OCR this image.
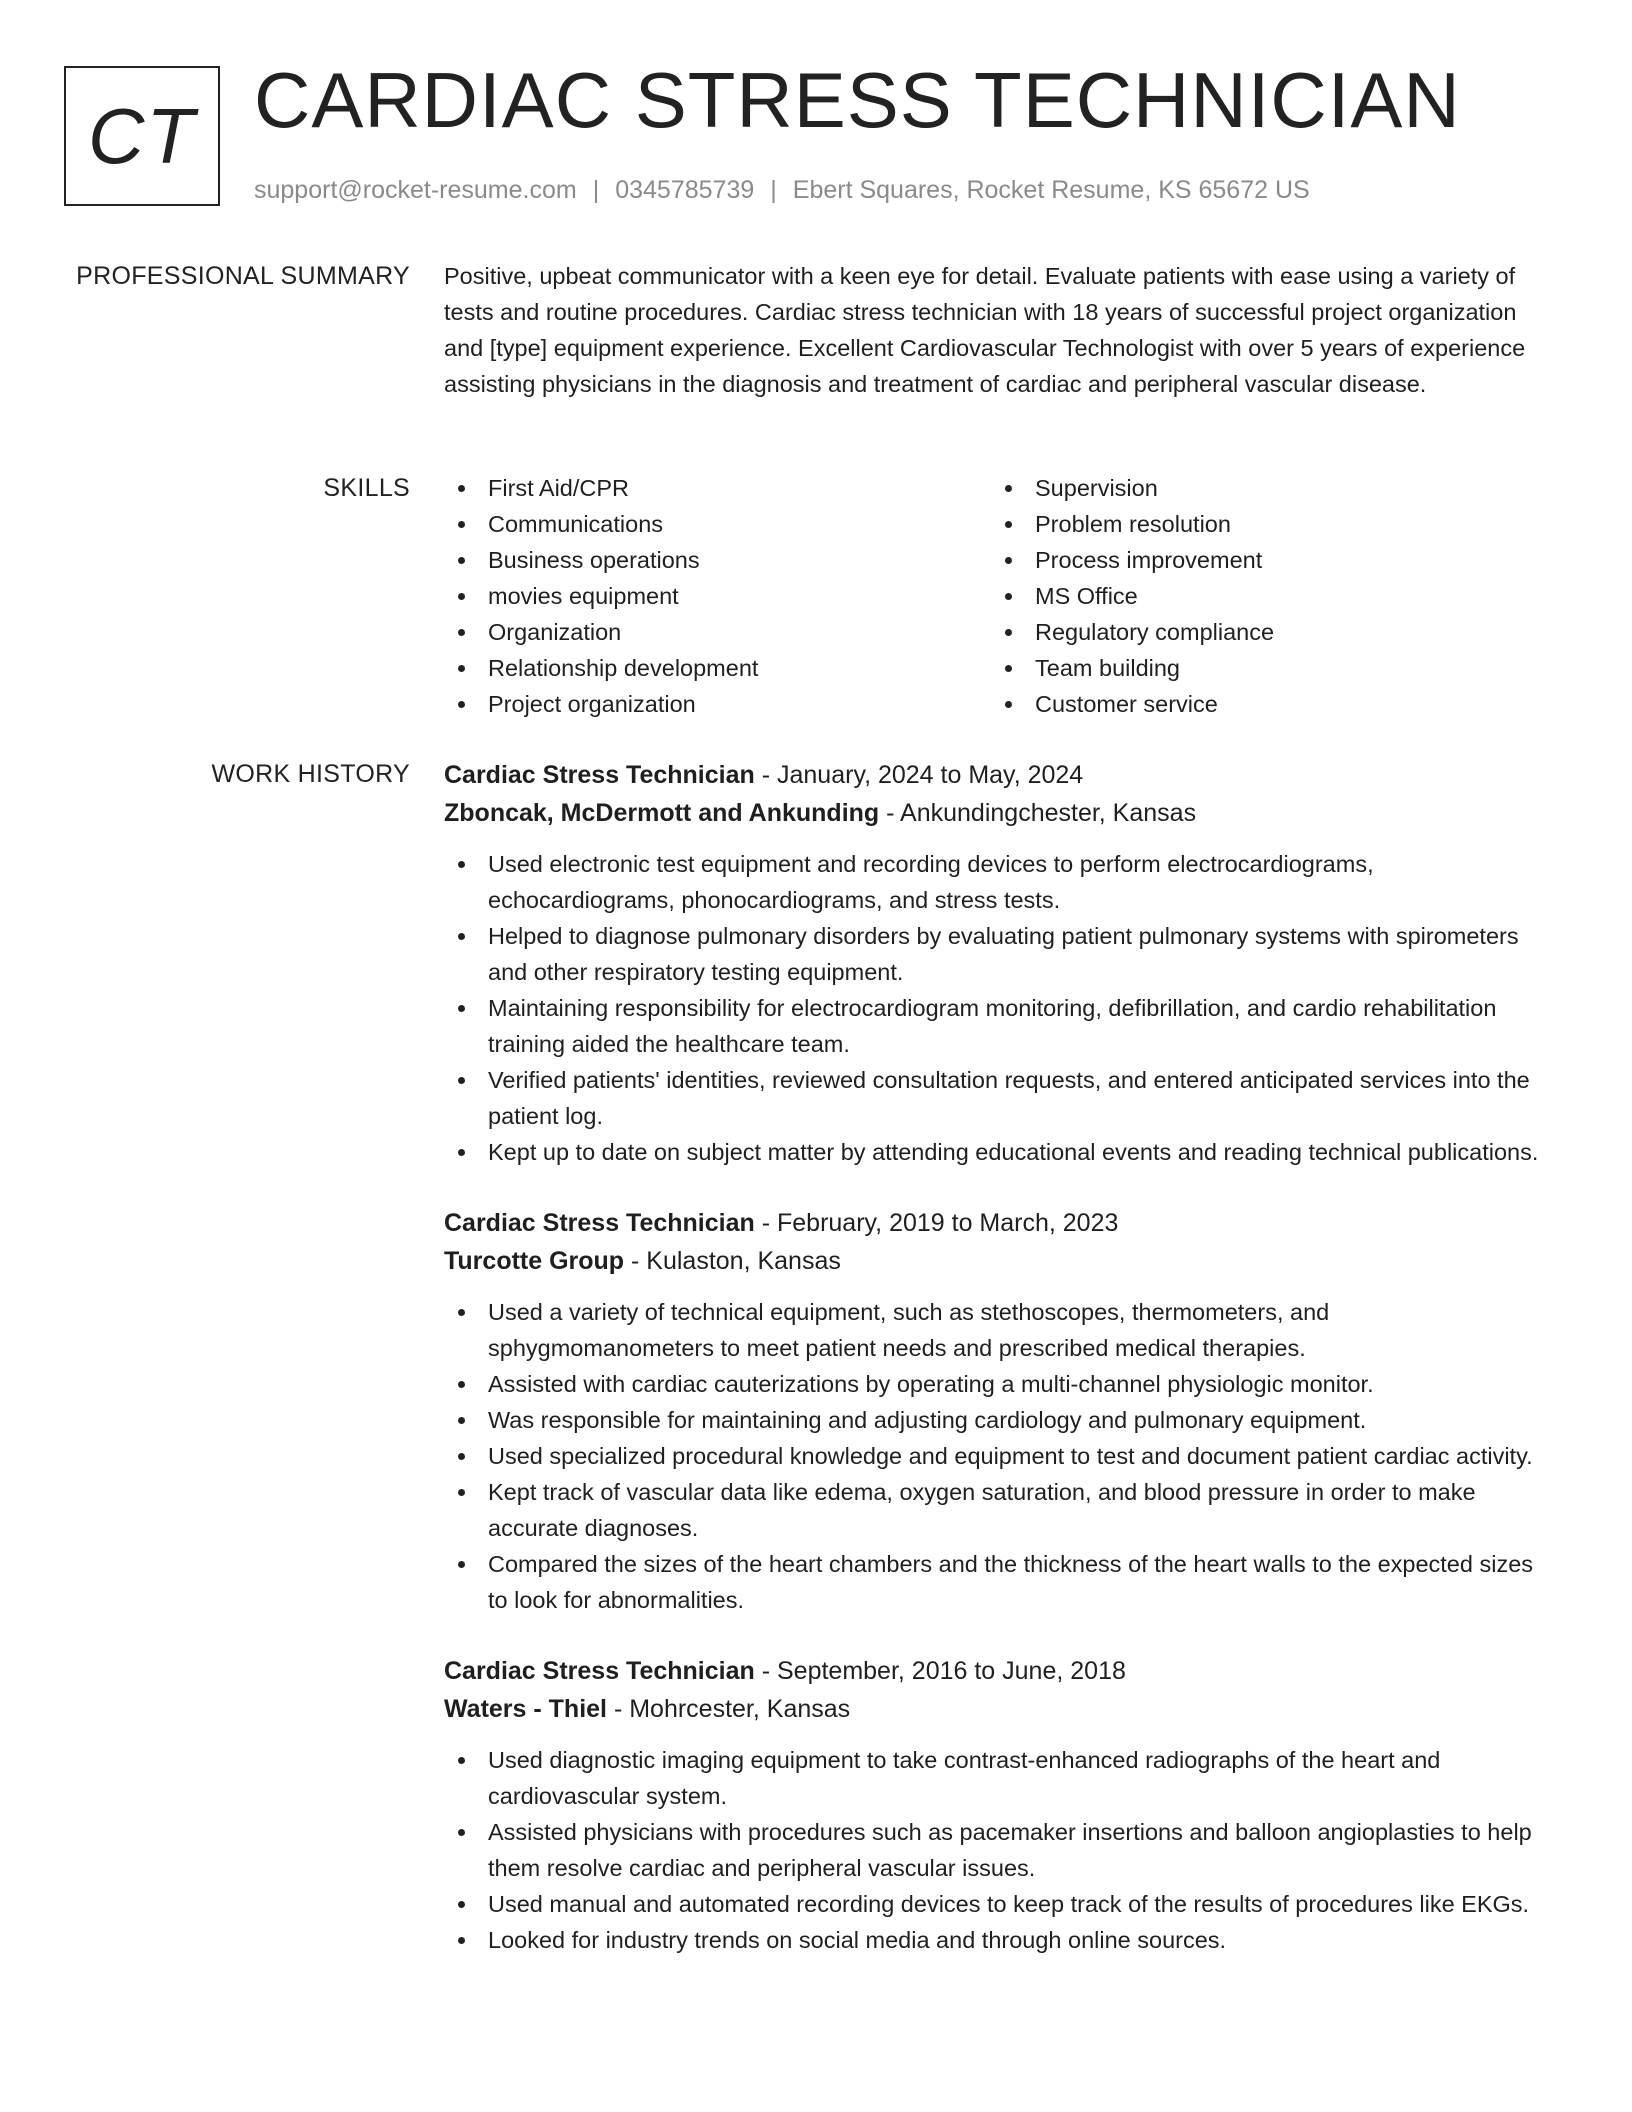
CT CARDIAC STRESS TECHNICIAN
support@rocket-resume.com | 0345785739 | Ebert Squares, Rocket Resume, KS 65672 US
PROFESSIONAL SUMMARY Positive, upbeat communicator with a keen eye for detail. Evaluate patients with ease using a variety of tests and routine procedures. Cardiac stress technician with 18 years of successful project organization and [type] equipment experience. Excellent Cardiovascular Technologist with over 5 years of experience assisting physicians in the diagnosis and treatment of cardiac and peripheral vascular disease.
SKILLS	First Aid/CPR
Communications
Business operations
movies equipment
Organization
Relationship development
Project organization
Supervision
Problem resolution
Process improvement
MS Office
Regulatory compliance
Team building
Customer service
WORK HISTORY Cardiac Stress Technician - January, 2024 to May, 2024
Zboncak, McDermott and Ankunding - Ankundingchester, Kansas
Used electronic test equipment and recording devices to perform electrocardiograms, echocardiograms, phonocardiograms, and stress tests.
Helped to diagnose pulmonary disorders by evaluating patient pulmonary systems with spirometers and other respiratory testing equipment.
Maintaining responsibility for electrocardiogram monitoring, defibrillation, and cardio rehabilitation training aided the healthcare team.
Verified patients' identities, reviewed consultation requests, and entered anticipated services into the patient log.
Kept up to date on subject matter by attending educational events and reading technical publications.
Cardiac Stress Technician - February, 2019 to March, 2023
Turcotte Group - Kulaston, Kansas
Used a variety of technical equipment, such as stethoscopes, thermometers, and sphygmomanometers to meet patient needs and prescribed medical therapies.
Assisted with cardiac cauterizations by operating a multi-channel physiologic monitor.
Was responsible for maintaining and adjusting cardiology and pulmonary equipment.
Used specialized procedural knowledge and equipment to test and document patient cardiac activity.
Kept track of vascular data like edema, oxygen saturation, and blood pressure in order to make accurate diagnoses.
Compared the sizes of the heart chambers and the thickness of the heart walls to the expected sizes to look for abnormalities.
Cardiac Stress Technician - September, 2016 to June, 2018
Waters - Thiel - Mohrcester, Kansas
Used diagnostic imaging equipment to take contrast-enhanced radiographs of the heart and cardiovascular system.
Assisted physicians with procedures such as pacemaker insertions and balloon angioplasties to help them resolve cardiac and peripheral vascular issues.
Used manual and automated recording devices to keep track of the results of procedures like EKGs.
Looked for industry trends on social media and through online sources.
